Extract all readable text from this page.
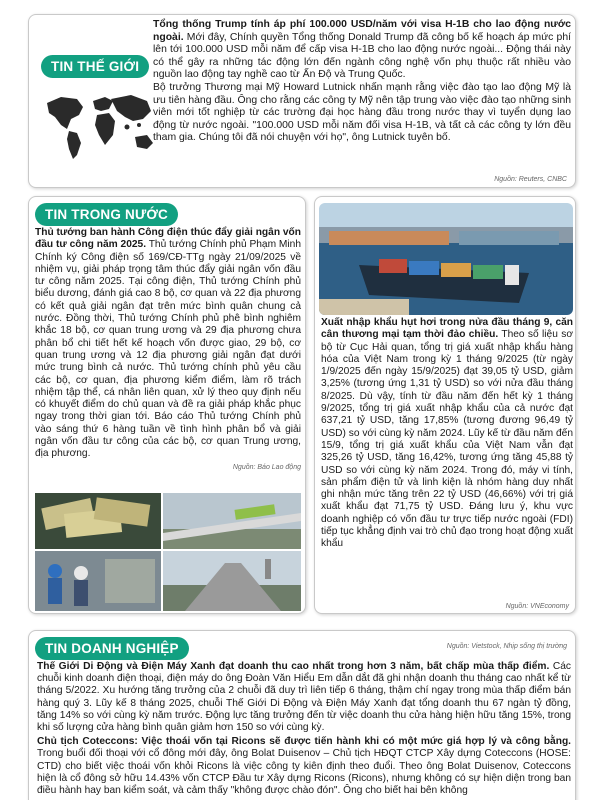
TIN THẾ GIỚI

Tổng thống Trump tính áp phí 100.000 USD/năm với visa H-1B cho lao động nước ngoài. Mới đây, Chính quyền Tổng thống Donald Trump đã công bố kế hoạch áp mức phí lên tới 100.000 USD mỗi năm để cấp visa H-1B cho lao động nước ngoài... Động thái này có thể gây ra những tác động lớn đến ngành công nghệ vốn phụ thuộc rất nhiều vào nguồn lao động tay nghề cao từ Ấn Độ và Trung Quốc.

Bộ trưởng Thương mại Mỹ Howard Lutnick nhấn mạnh rằng việc đào tạo lao động Mỹ là ưu tiên hàng đầu. Ông cho rằng các công ty Mỹ nên tập trung vào việc đào tạo những sinh viên mới tốt nghiệp từ các trường đại học hàng đầu trong nước thay vì tuyển dụng lao động từ nước ngoài. "100.000 USD mỗi năm đối visa H-1B, và tất cả các công ty lớn đều tham gia. Chúng tôi đã nói chuyện với họ", ông Lutnick tuyên bố.

Nguồn: Reuters, CNBC
TIN TRONG NƯỚC

Thủ tướng ban hành Công điện thúc đẩy giải ngân vốn đầu tư công năm 2025. Thủ tướng Chính phủ Phạm Minh Chính ký Công điện số 169/CĐ-TTg ngày 21/09/2025 về nhiệm vụ, giải pháp trọng tâm thúc đẩy giải ngân vốn đầu tư công năm 2025. Tại công điện, Thủ tướng Chính phủ biểu dương, đánh giá cao 8 bộ, cơ quan và 22 địa phương có kết quả giải ngân đạt trên mức bình quân chung cả nước. Đồng thời, Thủ tướng Chính phủ phê bình nghiêm khắc 18 bộ, cơ quan trung ương và 29 địa phương chưa phân bổ chi tiết hết kế hoạch vốn được giao, 29 bộ, cơ quan trung ương và 12 địa phương giải ngân đạt dưới mức trung bình cả nước. Thủ tướng chính phủ yêu cầu các bộ, cơ quan, địa phương kiểm điểm, làm rõ trách nhiệm tập thể, cá nhân liên quan, xử lý theo quy định nếu có khuyết điểm do chủ quan và đề ra giải pháp khắc phục ngay trong thời gian tới. Báo cáo Thủ tướng Chính phủ vào sáng thứ 6 hàng tuần về tình hình phân bổ và giải ngân vốn đầu tư công của các bộ, cơ quan Trung ương, địa phương.

Nguồn: Báo Lao động

Xuất nhập khẩu hụt hơi trong nửa đầu tháng 9, căn cân thương mại tạm thời đảo chiều. Theo số liệu sơ bộ từ Cục Hải quan, tổng trị giá xuất nhập khẩu hàng hóa của Việt Nam trong kỳ 1 tháng 9/2025 (từ ngày 1/9/2025 đến ngày 15/9/2025) đạt 39,05 tỷ USD, giảm 3,25% (tương ứng 1,31 tỷ USD) so với nửa đầu tháng 8/2025. Dù vậy, tính từ đầu năm đến hết kỳ 1 tháng 9/2025, tổng trị giá xuất nhập khẩu của cả nước đạt 637,21 tỷ USD, tăng 17,85% (tương đương 96,49 tỷ USD) so với cùng kỳ năm 2024. Lũy kế từ đầu năm đến 15/9, tổng trị giá xuất khẩu của Việt Nam vẫn đạt 325,26 tỷ USD, tăng 16,42%, tương ứng tăng 45,88 tỷ USD so với cùng kỳ năm 2024. Trong đó, máy vi tính, sản phẩm điện tử và linh kiện là nhóm hàng duy nhất ghi nhận mức tăng trên 22 tỷ USD (46,66%) với trị giá xuất khẩu đạt 71,75 tỷ USD. Đáng lưu ý, khu vực doanh nghiệp có vốn đầu tư trực tiếp nước ngoài (FDI) tiếp tục khẳng định vai trò chủ đạo trong hoạt động xuất khẩu

Nguồn: VNEconomy
TIN DOANH NGHIỆP	Nguồn: Vietstock, Nhịp sống thị trường

Thế Giới Di Động và Điện Máy Xanh đạt doanh thu cao nhất trong hơn 3 năm, bất chấp mùa thấp điểm. Các chuỗi kinh doanh điện thoại, điện máy do ông Đoàn Văn Hiểu Em dẫn dắt đã ghi nhận doanh thu tháng cao nhất kể từ tháng 5/2022. Xu hướng tăng trưởng của 2 chuỗi đã duy trì liên tiếp 6 tháng, thậm chí ngay trong mùa thấp điểm bán hàng quý 3. Lũy kế 8 tháng 2025, chuỗi Thế Giới Di Động và Điện Máy Xanh đạt tổng doanh thu 67 ngàn tỷ đồng, tăng 14% so với cùng kỳ năm trước. Động lực tăng trưởng đến từ việc doanh thu cửa hàng hiện hữu tăng 15%, trong khi số lượng cửa hàng bình quân giảm hơn 150 so với cùng kỳ.

Chủ tịch Coteccons: Việc thoái vốn tại Ricons sẽ được tiến hành khi có một mức giá hợp lý và công bằng. Trong buổi đối thoại với cổ đông mới đây, ông Bolat Duisenov – Chủ tịch HĐQT CTCP Xây dựng Coteccons (HOSE: CTD) cho biết việc thoái vốn khỏi Ricons là việc công ty kiên định theo đuổi. Theo ông Bolat Duisenov, Coteccons hiện là cổ đông sở hữu 14.43% vốn CTCP Đầu tư Xây dựng Ricons (Ricons), nhưng không có sự hiện diện trong ban điều hành hay ban kiểm soát, và cảm thấy "không được chào đón". Ông cho biết hai bên không
